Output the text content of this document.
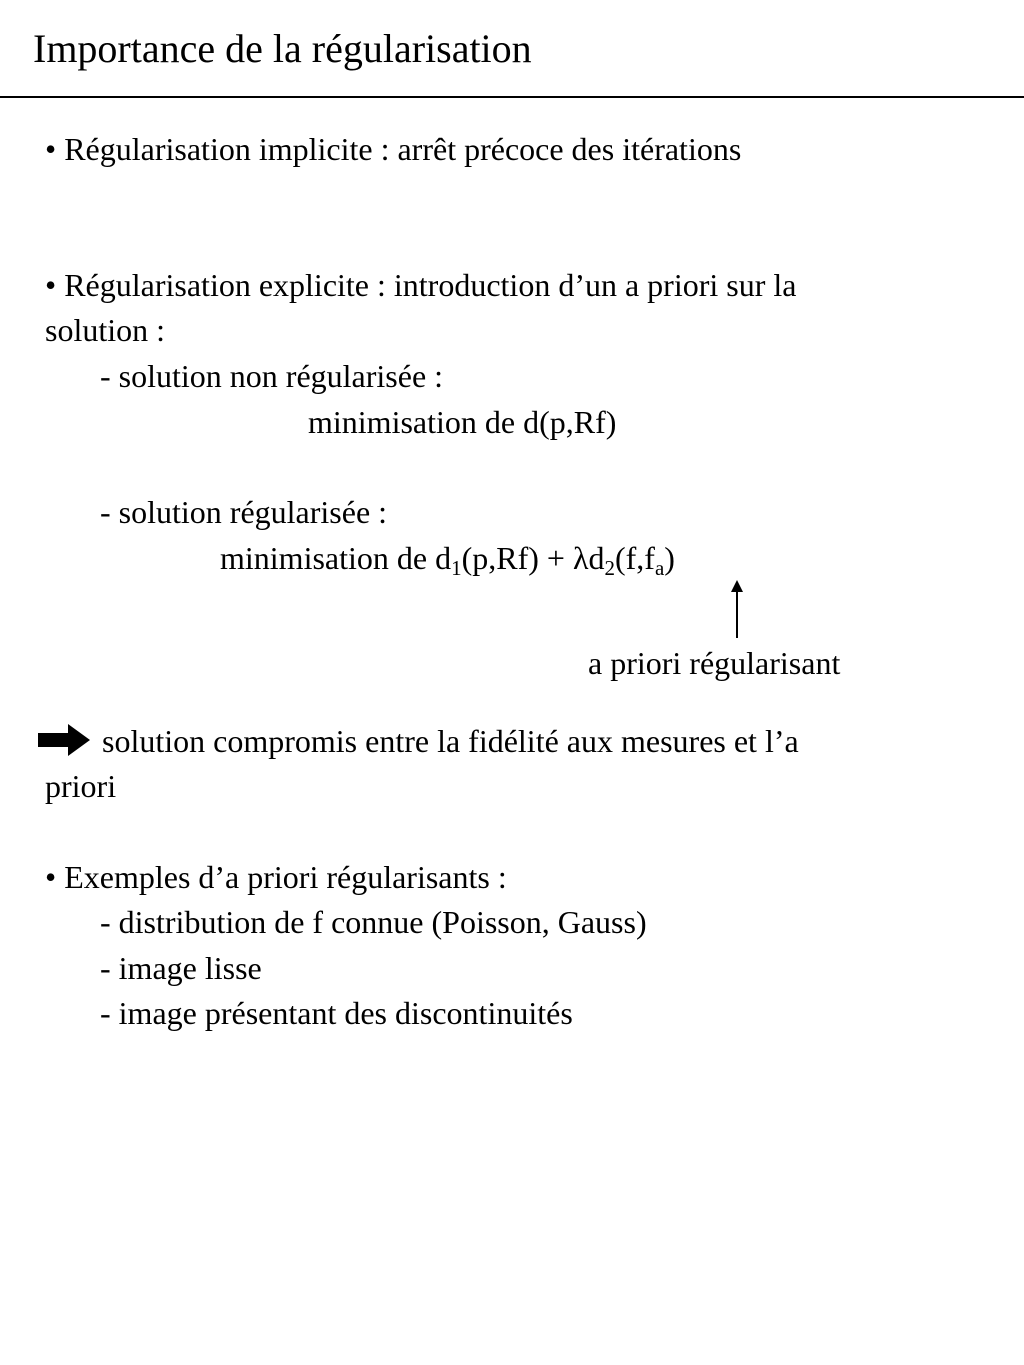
Importance de la régularisation
• Régularisation implicite : arrêt précoce des itérations
• Régularisation explicite : introduction d’un a priori sur la
solution :
- solution non régularisée :
minimisation de d(p,Rf)
- solution régularisée :
minimisation de $d_1(p,Rf) + \lambda d_2(f,f_a)$
a priori régularisant
solution compromis entre la fidélité aux mesures et l’a
priori
• Exemples d’a priori régularisants :
- distribution de f connue (Poisson, Gauss)
- image lisse
- image présentant des discontinuités
